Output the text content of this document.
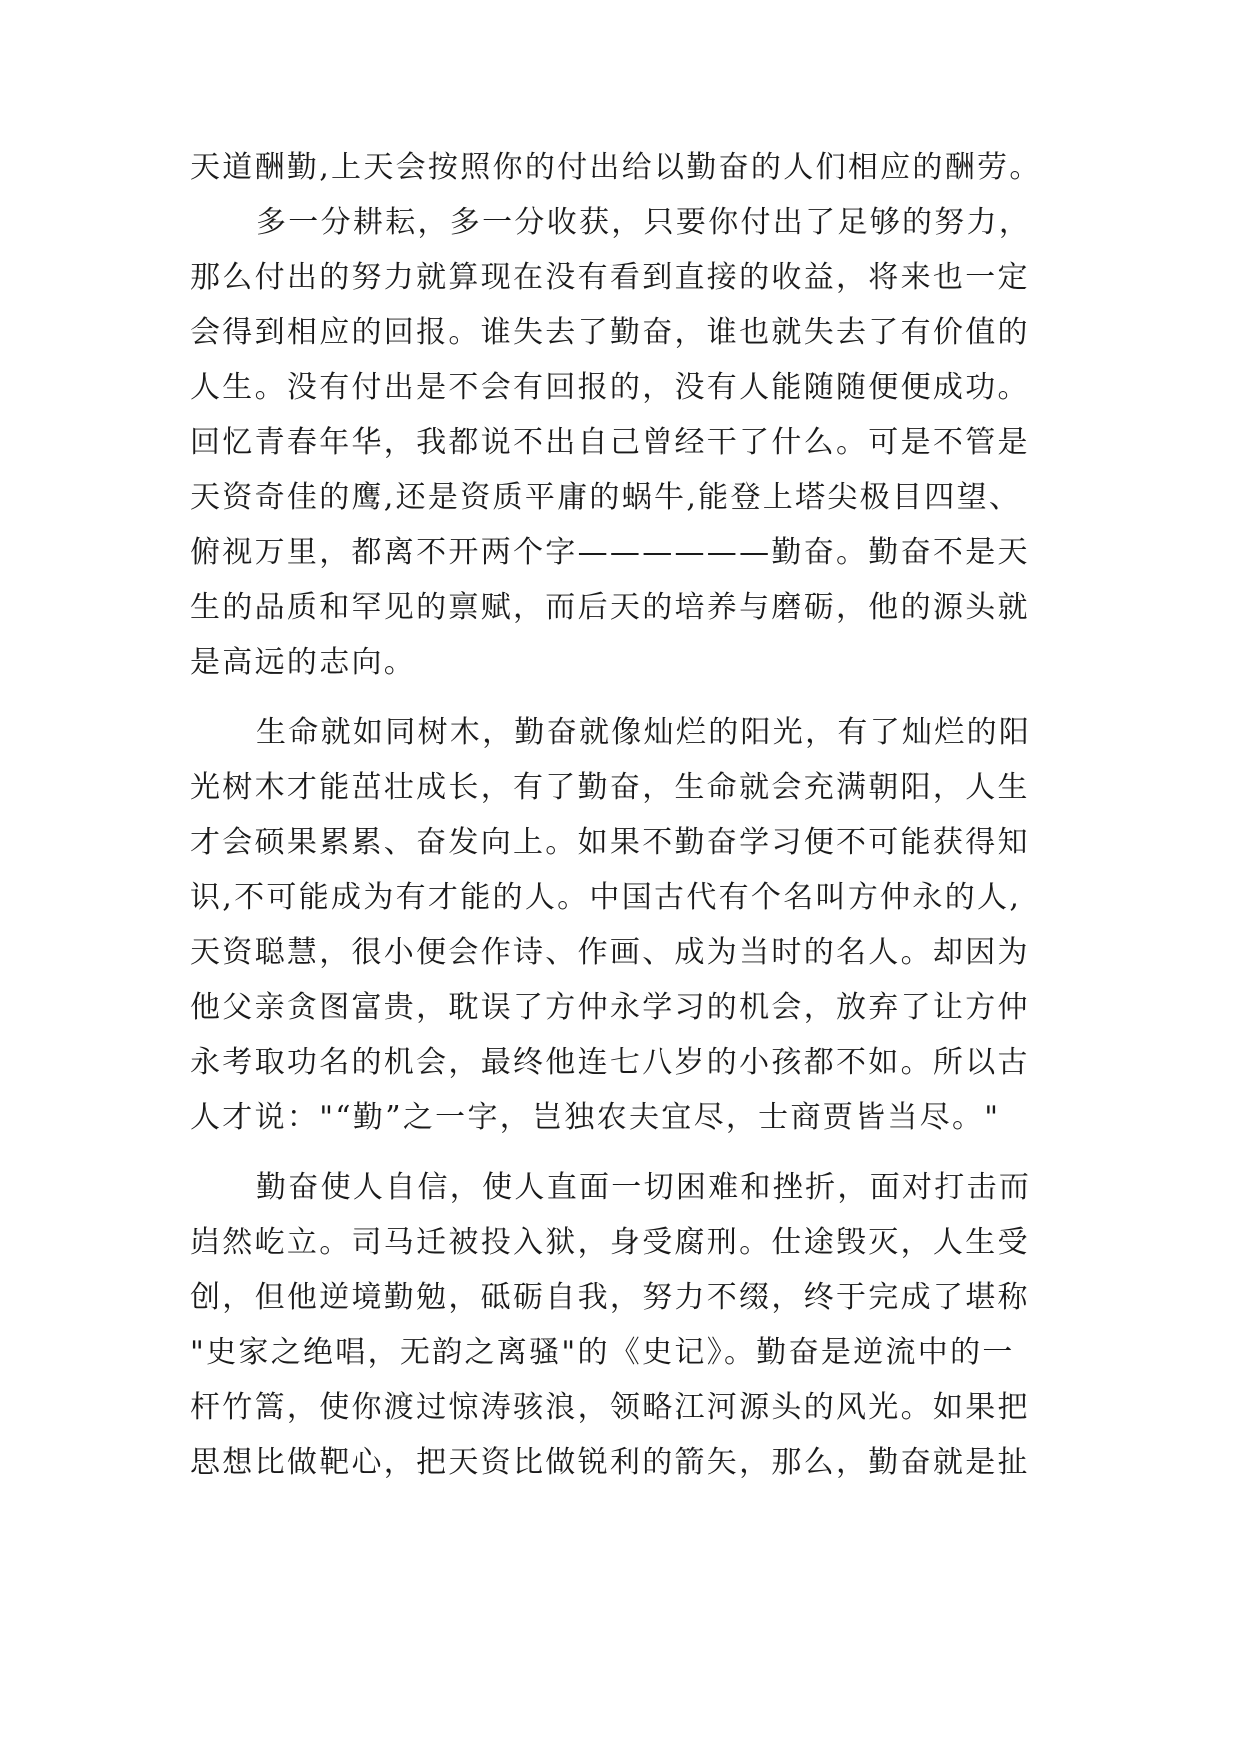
天道酬勤,上天会按照你的付出给以勤奋的人们相应的酬劳。
多一分耕耘，多一分收获，只要你付出了足够的努力，
那么付出的努力就算现在没有看到直接的收益，将来也一定
会得到相应的回报。谁失去了勤奋，谁也就失去了有价值的
人生。没有付出是不会有回报的，没有人能随随便便成功。
回忆青春年华，我都说不出自己曾经干了什么。可是不管是
天资奇佳的鹰,还是资质平庸的蜗牛,能登上塔尖极目四望、
俯视万里，都离不开两个字——————勤奋。勤奋不是天
生的品质和罕见的禀赋，而后天的培养与磨砺，他的源头就
是高远的志向。
生命就如同树木，勤奋就像灿烂的阳光，有了灿烂的阳
光树木才能茁壮成长，有了勤奋，生命就会充满朝阳，人生
才会硕果累累、奋发向上。如果不勤奋学习便不可能获得知
识,不可能成为有才能的人。中国古代有个名叫方仲永的人,
天资聪慧，很小便会作诗、作画、成为当时的名人。却因为
他父亲贪图富贵，耽误了方仲永学习的机会，放弃了让方仲
永考取功名的机会，最终他连七八岁的小孩都不如。所以古
人才说："“勤”之一字，岂独农夫宜尽，士商贾皆当尽。"
勤奋使人自信，使人直面一切困难和挫折，面对打击而
岿然屹立。司马迁被投入狱，身受腐刑。仕途毁灭，人生受
创，但他逆境勤勉，砥砺自我，努力不缀，终于完成了堪称
"史家之绝唱，无韵之离骚"的《史记》。勤奋是逆流中的一
杆竹篙，使你渡过惊涛骇浪，领略江河源头的风光。如果把
思想比做靶心，把天资比做锐利的箭矢，那么，勤奋就是扯
